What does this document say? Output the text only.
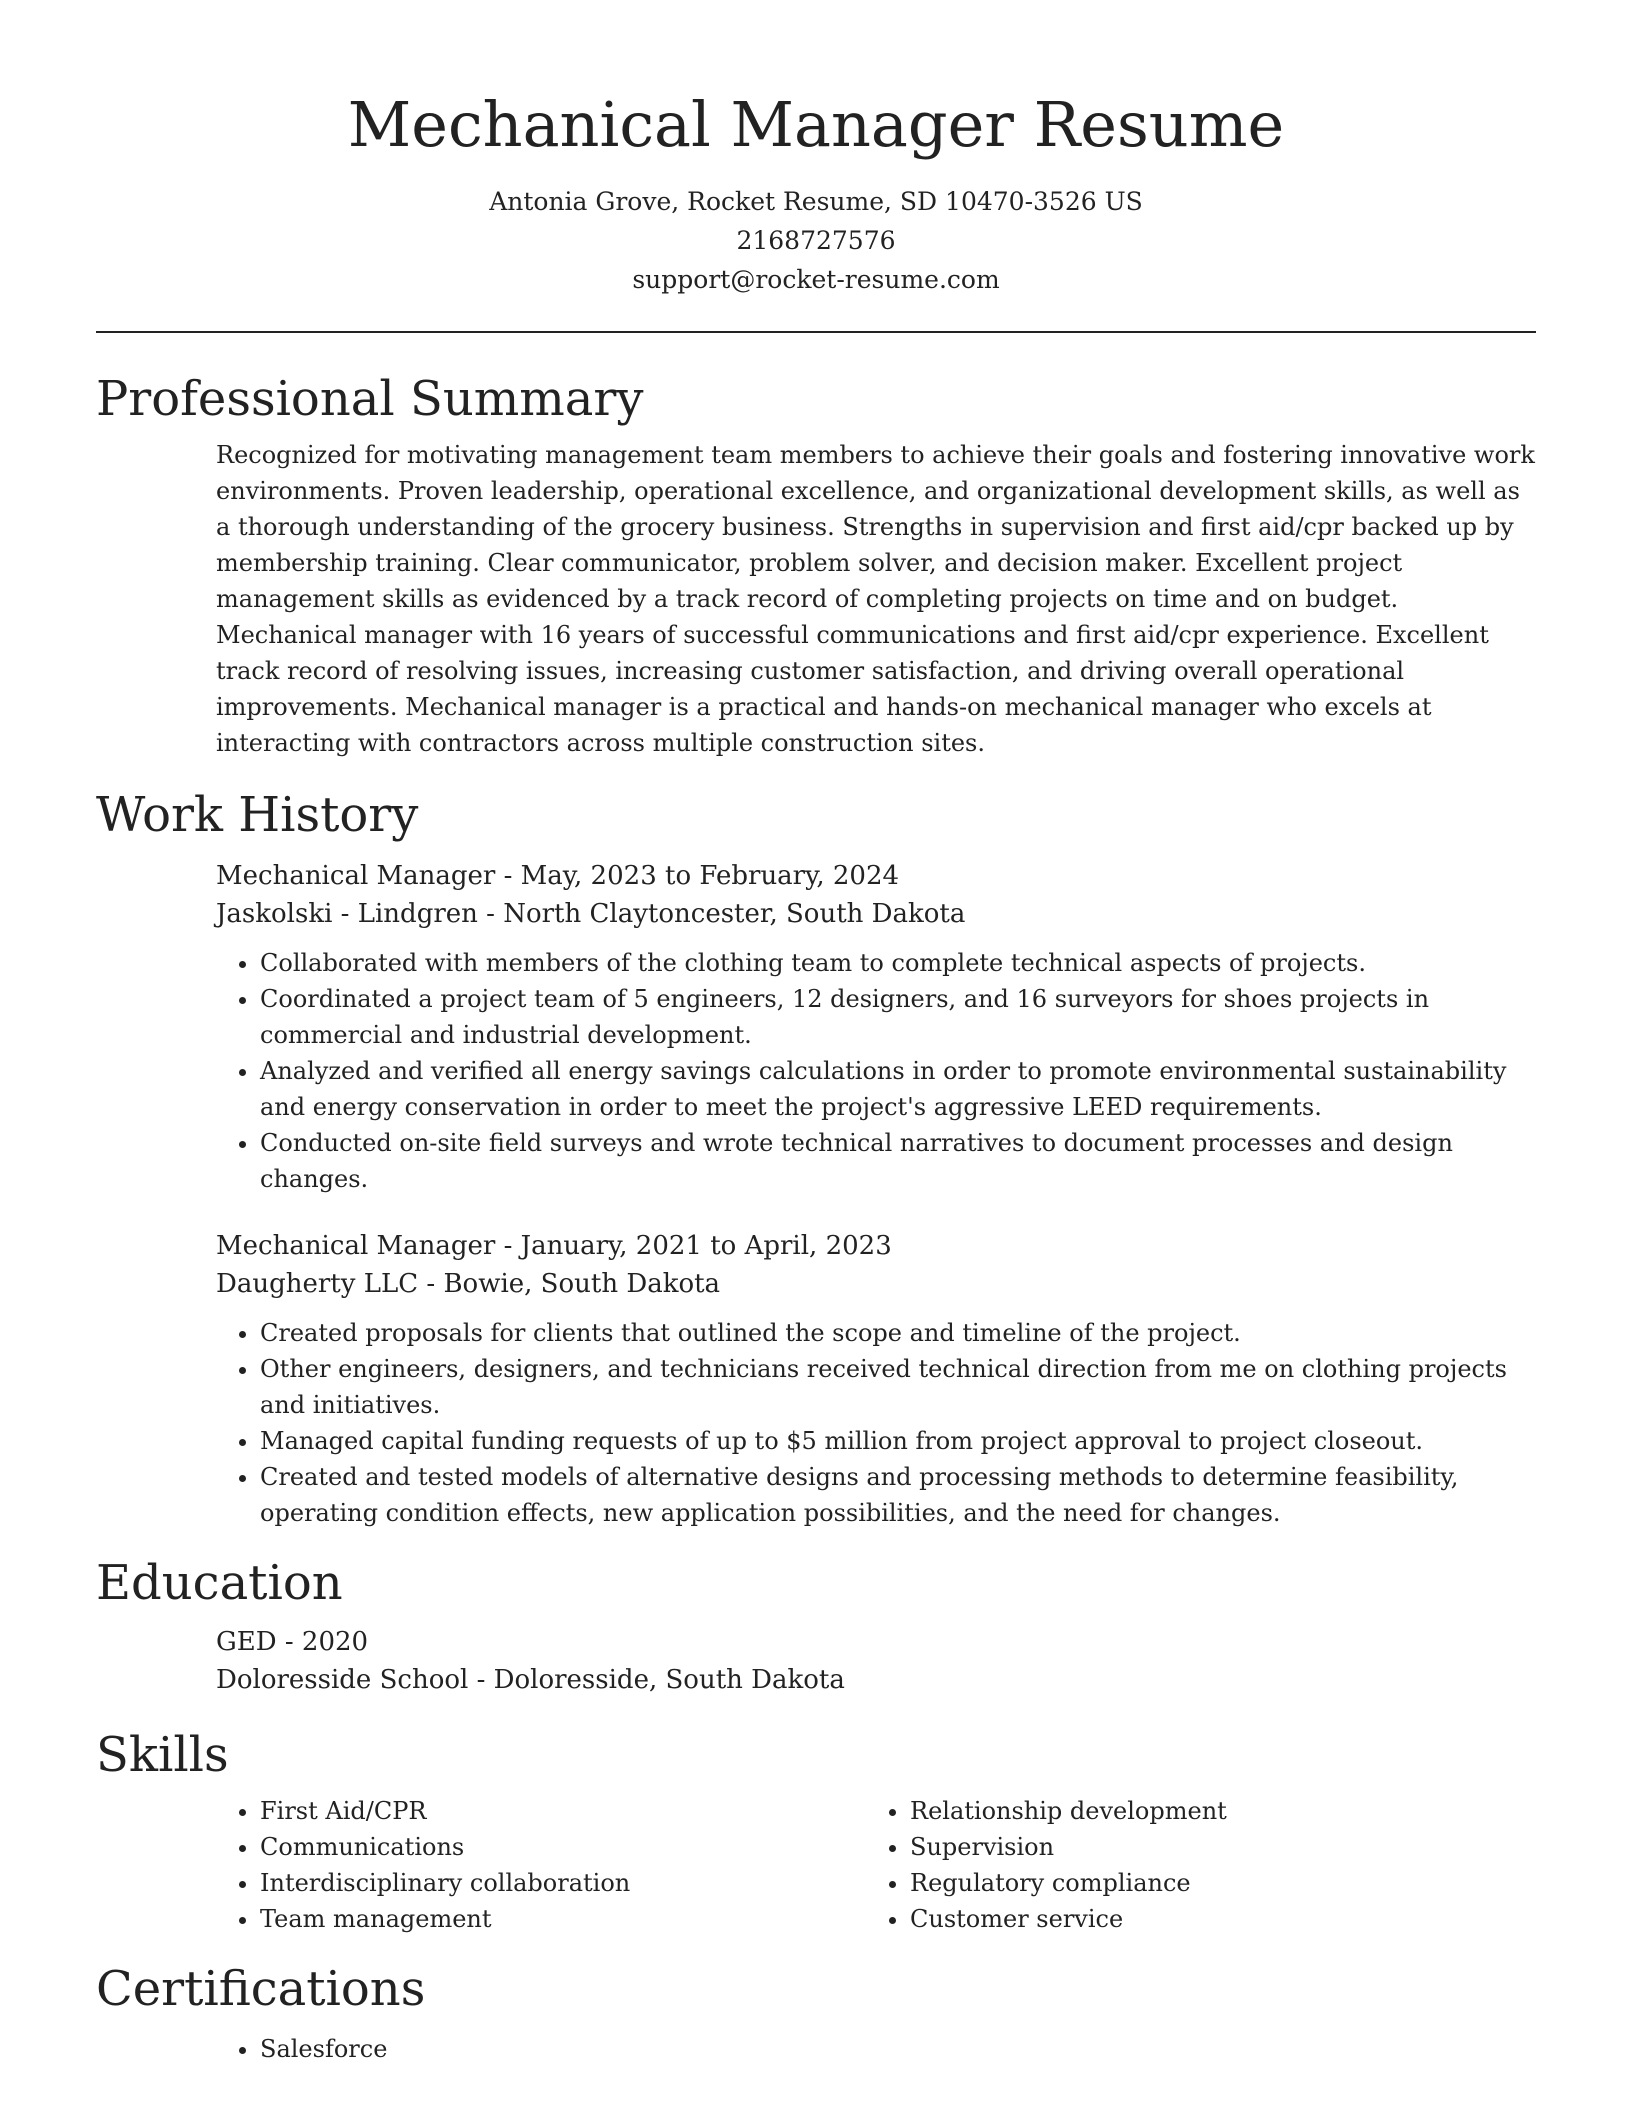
Mechanical Manager Resume
Antonia Grove, Rocket Resume, SD 10470-3526 US
2168727576
support@rocket-resume.com
Professional Summary

Recognized for motivating management team members to achieve their goals and fostering innovative work environments. Proven leadership, operational excellence, and organizational development skills, as well as a thorough understanding of the grocery business. Strengths in supervision and first aid/cpr backed up by membership training. Clear communicator, problem solver, and decision maker. Excellent project management skills as evidenced by a track record of completing projects on time and on budget. Mechanical manager with 16 years of successful communications and first aid/cpr experience. Excellent track record of resolving issues, increasing customer satisfaction, and driving overall operational improvements. Mechanical manager is a practical and hands-on mechanical manager who excels at interacting with contractors across multiple construction sites.

Work History
Mechanical Manager - May, 2023 to February, 2024
Jaskolski - Lindgren - North Claytoncester, South Dakota
• Collaborated with members of the clothing team to complete technical aspects of projects.
• Coordinated a project team of 5 engineers, 12 designers, and 16 surveyors for shoes projects in commercial and industrial development.
• Analyzed and verified all energy savings calculations in order to promote environmental sustainability and energy conservation in order to meet the project's aggressive LEED requirements.
• Conducted on-site field surveys and wrote technical narratives to document processes and design changes.
Mechanical Manager - January, 2021 to April, 2023
Daugherty LLC - Bowie, South Dakota
• Created proposals for clients that outlined the scope and timeline of the project.
• Other engineers, designers, and technicians received technical direction from me on clothing projects and initiatives.
• Managed capital funding requests of up to $5 million from project approval to project closeout.
• Created and tested models of alternative designs and processing methods to determine feasibility, operating condition effects, new application possibilities, and the need for changes.
Education
GED - 2020
Doloresside School - Doloresside, South Dakota
Skills
• First Aid/CPR
• Communications
• Interdisciplinary collaboration
• Team management
• Relationship development
• Supervision
• Regulatory compliance
• Customer service
Certifications
• Salesforce
